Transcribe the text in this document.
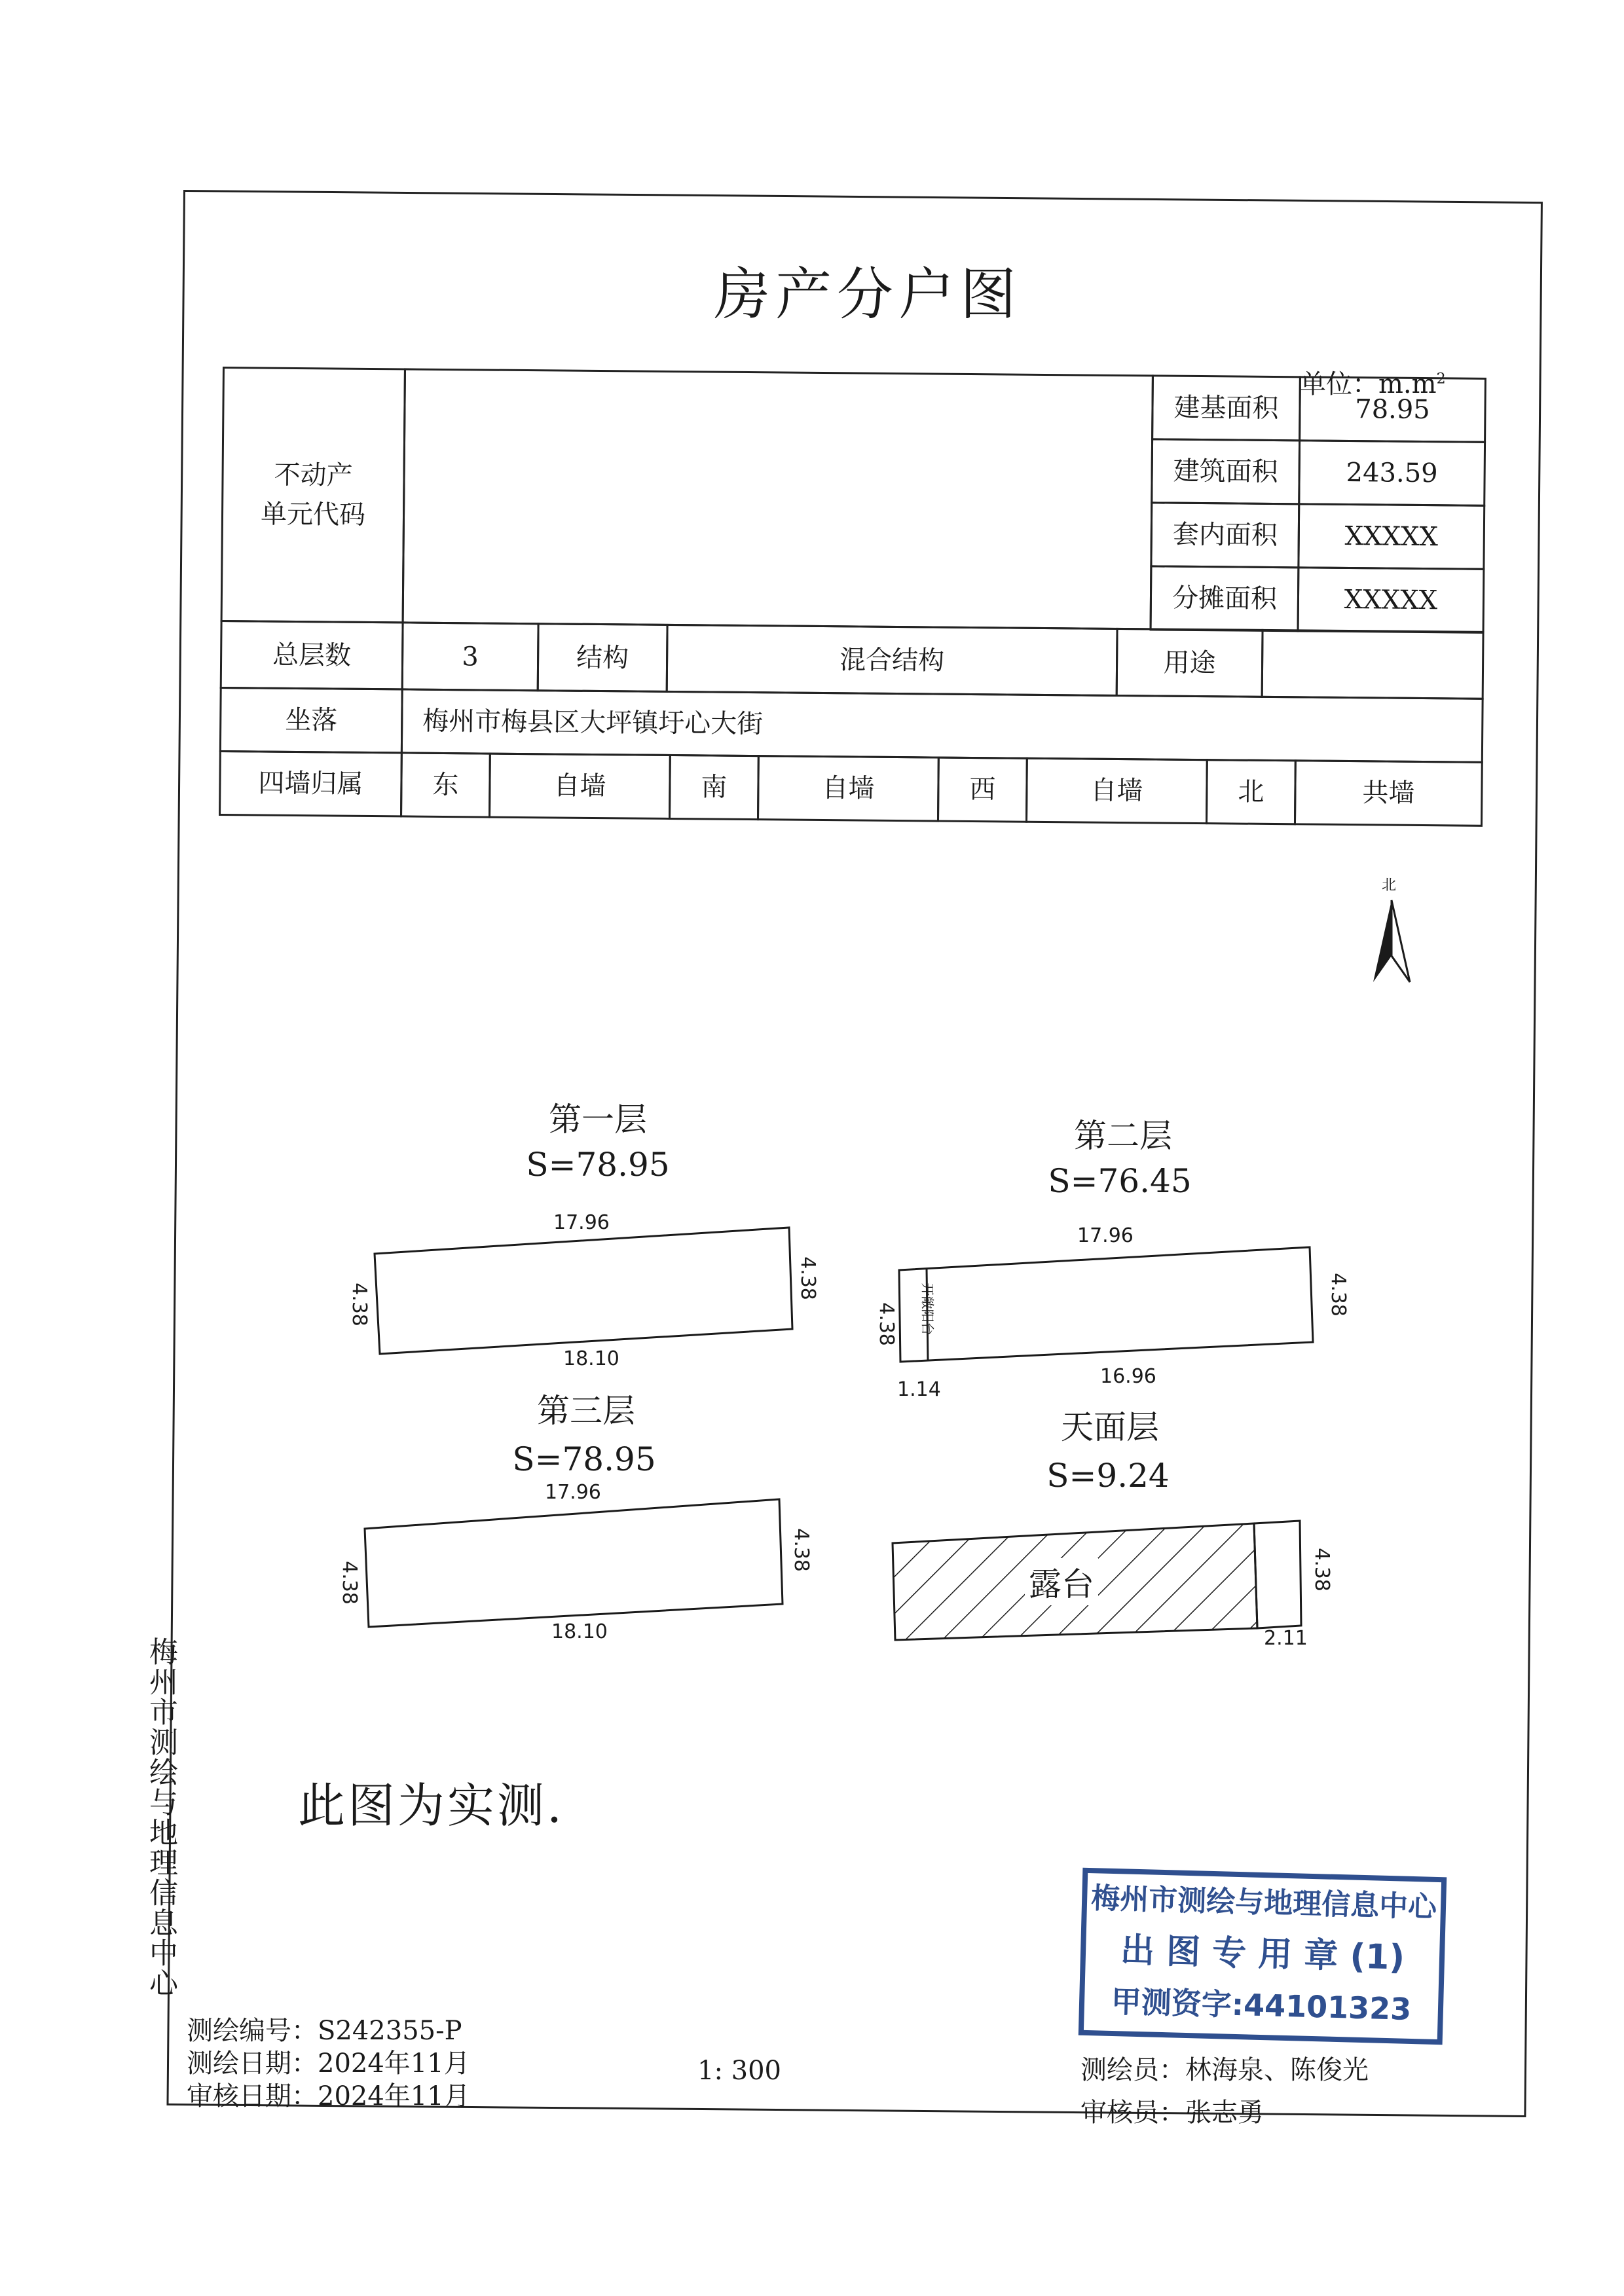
房产分户图
单位：$m.m^2$
不动产
单元代码
建基面积	78.95
建筑面积	243.59
套内面积	XXXXX
分摊面积	XXXXX
总层数	3	结构	混合结构	用途
坐落	梅州市梅县区大坪镇圩心大街
四墙归属	东	自墙	南	自墙	西	自墙	北	共墙
北
第一层
S=78.95
17.96
18.10
4.38
4.38
第二层
S=76.45
开敞阳台
17.96
16.96
1.14
4.38
4.38
第三层
S=78.95
17.96
18.10
4.38
4.38
天面层
S=9.24
露台
2.11
4.38
此图为实测.
梅州市测绘与地理信息中心	梅州市测绘与地理信息中心
出 图 专 用 章 (1)
甲测资字:44101323
测绘编号：S242355-P
测绘日期：2024年11月
审核日期：2024年11月
1: 300	测绘员：林海泉、陈俊光
审核员：张志勇
